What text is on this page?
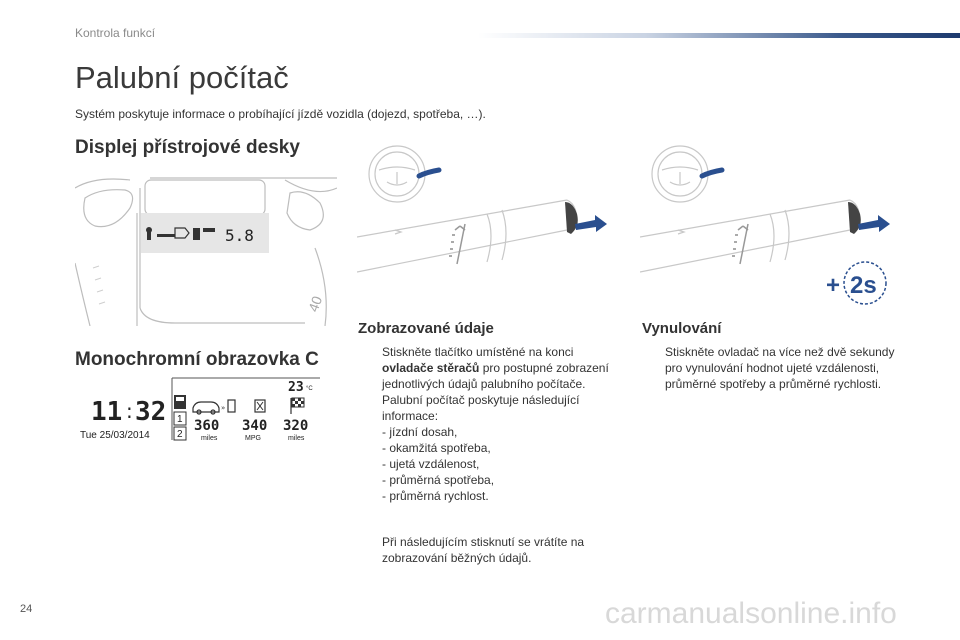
Kontrola funkcí
Palubní počítač

Systém poskytuje informace o probíhající jízdě vozidla (dojezd, spotřeba, …).

Displej přístrojové desky
5.8
40
Monochromní obrazovka C
11 : 32
Tue 25/03/2014
23 °C
1
2
»
360
miles
340
MPG
320
miles
+ 2s
Zobrazované údaje
Stiskněte tlačítko umístěné na konci ovladače stěračů pro postupné zobrazení jednotlivých údajů palubního počítače.
Palubní počítač poskytuje následující informace:
- jízdní dosah,
- okamžitá spotřeba,
- ujetá vzdálenost,
- průměrná spotřeba,
- průměrná rychlost.
Při následujícím stisknutí se vrátíte na zobrazování běžných údajů.
Vynulování
Stiskněte ovladač na více než dvě sekundy pro vynulování hodnot ujeté vzdálenosti, průměrné spotřeby a průměrné rychlosti.
24	carmanualsonline.info
